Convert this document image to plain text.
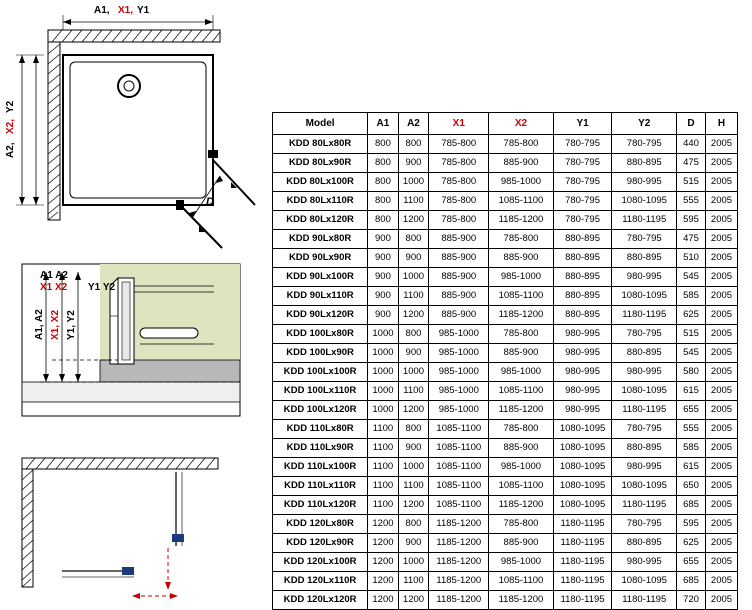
D
A1, X1, Y1
A2,
X2,
Y2
A1, A2 X1, X2 Y1, Y2
A1 A2
X1 X2 Y1 Y2
Model	A1	A2	X1	X2	Y1	Y2	D	H
KDD 80Lx80R	800	800	785-800	785-800	780-795	780-795	440	2005
KDD 80Lx90R	800	900	785-800	885-900	780-795	880-895	475	2005
KDD 80Lx100R	800	1000	785-800	985-1000	780-795	980-995	515	2005
KDD 80Lx110R	800	1100	785-800	1085-1100	780-795	1080-1095	555	2005
KDD 80Lx120R	800	1200	785-800	1185-1200	780-795	1180-1195	595	2005
KDD 90Lx80R	900	800	885-900	785-800	880-895	780-795	475	2005
KDD 90Lx90R	900	900	885-900	885-900	880-895	880-895	510	2005
KDD 90Lx100R	900	1000	885-900	985-1000	880-895	980-995	545	2005
KDD 90Lx110R	900	1100	885-900	1085-1100	880-895	1080-1095	585	2005
KDD 90Lx120R	900	1200	885-900	1185-1200	880-895	1180-1195	625	2005
KDD 100Lx80R	1000	800	985-1000	785-800	980-995	780-795	515	2005
KDD 100Lx90R	1000	900	985-1000	885-900	980-995	880-895	545	2005
KDD 100Lx100R	1000	1000	985-1000	985-1000	980-995	980-995	580	2005
KDD 100Lx110R	1000	1100	985-1000	1085-1100	980-995	1080-1095	615	2005
KDD 100Lx120R	1000	1200	985-1000	1185-1200	980-995	1180-1195	655	2005
KDD 110Lx80R	1100	800	1085-1100	785-800	1080-1095	780-795	555	2005
KDD 110Lx90R	1100	900	1085-1100	885-900	1080-1095	880-895	585	2005
KDD 110Lx100R	1100	1000	1085-1100	985-1000	1080-1095	980-995	615	2005
KDD 110Lx110R	1100	1100	1085-1100	1085-1100	1080-1095	1080-1095	650	2005
KDD 110Lx120R	1100	1200	1085-1100	1185-1200	1080-1095	1180-1195	685	2005
KDD 120Lx80R	1200	800	1185-1200	785-800	1180-1195	780-795	595	2005
KDD 120Lx90R	1200	900	1185-1200	885-900	1180-1195	880-895	625	2005
KDD 120Lx100R	1200	1000	1185-1200	985-1000	1180-1195	980-995	655	2005
KDD 120Lx110R	1200	1100	1185-1200	1085-1100	1180-1195	1080-1095	685	2005
KDD 120Lx120R	1200	1200	1185-1200	1185-1200	1180-1195	1180-1195	720	2005
